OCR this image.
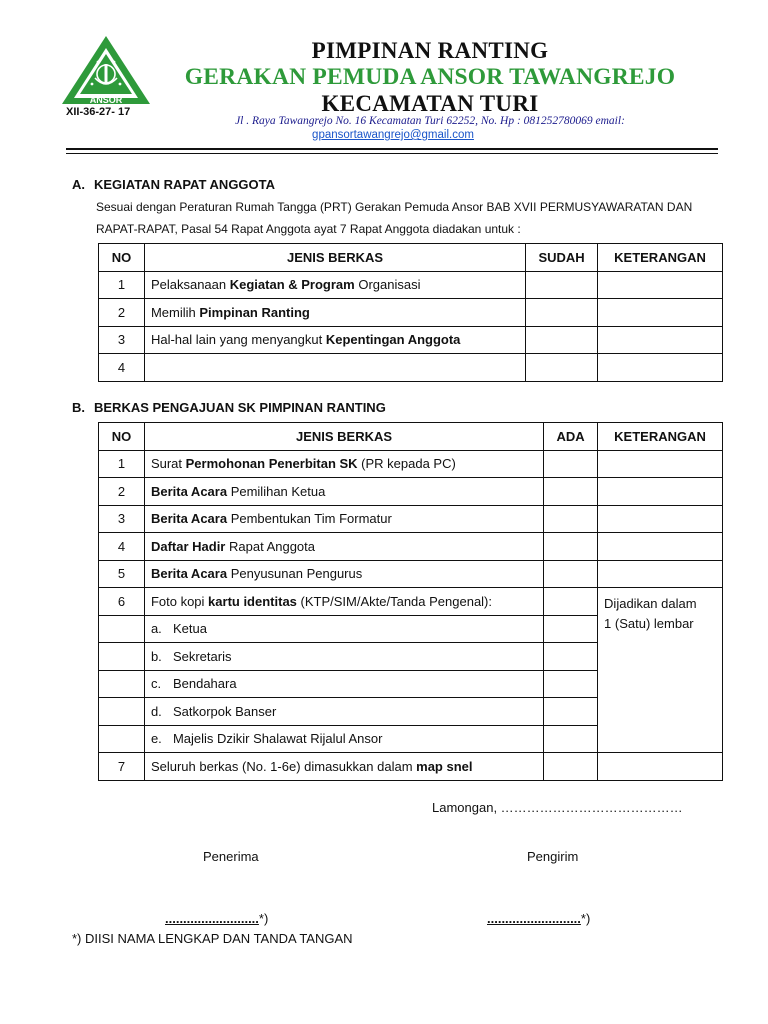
ANSOR
XII-36-27- 17
PIMPINAN RANTING
GERAKAN PEMUDA ANSOR TAWANGREJO
KECAMATAN TURI
Jl . Raya Tawangrejo No. 16 Kecamatan Turi 62252, No. Hp : 081252780069 email:
gpansortawangrejo@gmail.com
A. KEGIATAN RAPAT ANGGOTA
Sesuai dengan Peraturan Rumah Tangga (PRT) Gerakan Pemuda Ansor BAB XVII PERMUSYAWARATAN DAN
RAPAT-RAPAT, Pasal 54 Rapat Anggota ayat 7 Rapat Anggota diadakan untuk :
NO	JENIS BERKAS	SUDAH	KETERANGAN
1	Pelaksanaan Kegiatan & Program Organisasi		
2	Memilih Pimpinan Ranting		
3	Hal-hal lain yang menyangkut Kepentingan Anggota		
4			
B. BERKAS PENGAJUAN SK PIMPINAN RANTING
NO	JENIS BERKAS	ADA	KETERANGAN
1	Surat Permohonan Penerbitan SK (PR kepada PC)		
2	Berita Acara Pemilihan Ketua		
3	Berita Acara Pembentukan Tim Formatur		
4	Daftar Hadir Rapat Anggota		
5	Berita Acara Penyusunan Pengurus		
6	Foto kopi kartu identitas (KTP/SIM/Akte/Tanda Pengenal):		Dijadikan dalam
1 (Satu) lembar

	a. Ketua		
	b. Sekretaris		
	c. Bendahara		
	d. Satkorpok Banser		
	e. Majelis Dzikir Shalawat Rijalul Ansor		
7	Seluruh berkas (No. 1-6e) dimasukkan dalam map snel		
Lamongan, ……………………………………
Penerima	Pengirim
..........................*)	..........................*)
*) DIISI NAMA LENGKAP DAN TANDA TANGAN
